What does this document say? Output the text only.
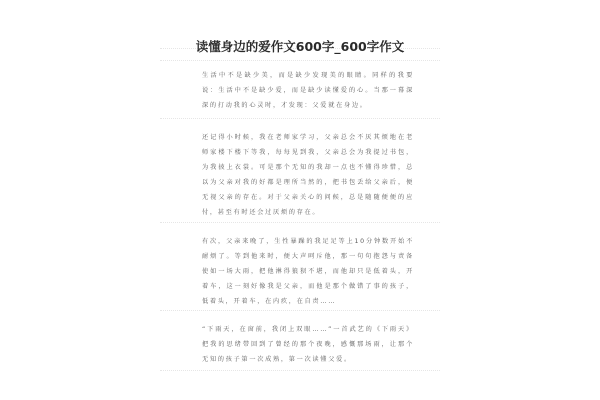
读懂身边的爱作文600字_600字作文

生活中不是缺少美，而是缺少发现美的眼睛。同样的我要说：生活中不是缺少爱，而是缺少读懂爱的心。当那一幕深深的打动我的心灵时，才发现：父爱就在身边。

还记得小时候，我在老师家学习，父亲总会不厌其烦地在老师家楼下楼下等我，每每见到我，父亲总会为我提过书包，为我披上衣裳。可是那个无知的我却一点也不懂得珍惜，总以为父亲对我的好都是理所当然的，把书包丢给父亲后，便无视父亲的存在。对于父亲关心的问候，总是随随便便的应付，甚至有时还会过厌烦的存在。

有次，父亲来晚了，生性暴躁的我足足等上10分钟数开始不耐烦了。等到他来时，便大声呵斥他，那一句句抱怨与责备使如一场大雨，把他淋得狼狈不堪，而他却只是低着头，开着车，这一刻好像我是父亲，而他是那个做错了事的孩子，低着头，开着车，在内疚，在自责……

“下雨天，在窗前，我闭上双眼……”一首武艺的《下雨天》把我的思绪带回到了曾经的那个夜晚，感慨那场雨，让那个无知的孩子第一次成熟，第一次读懂父爱。
